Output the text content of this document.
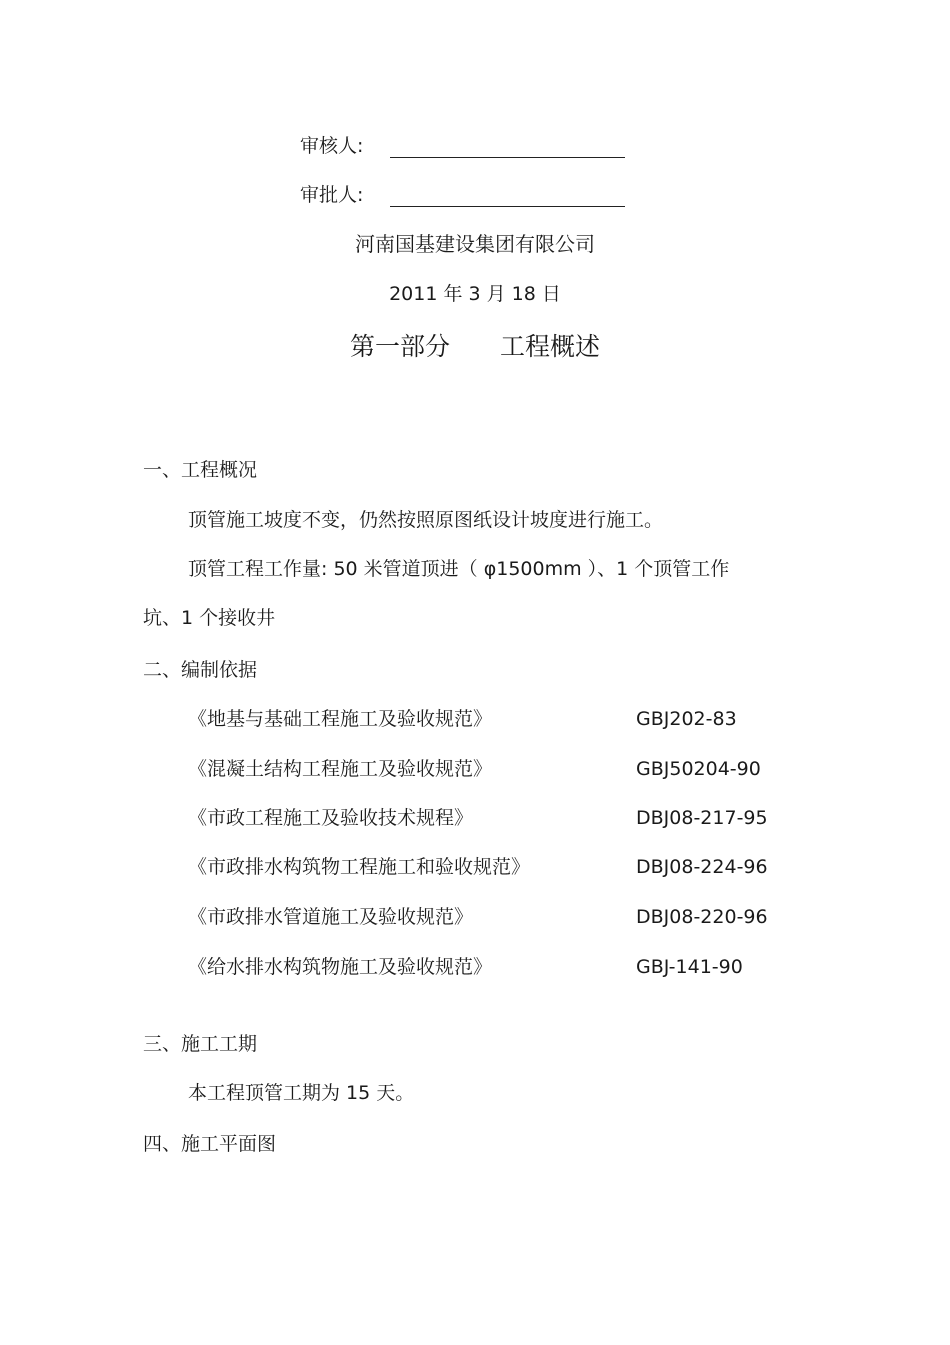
审核人:
审批人:
河南国基建设集团有限公司
2011 年 3 月 18 日
第一部分 工程概述
一、工程概况
顶管施工坡度不变，仍然按照原图纸设计坡度进行施工。
顶管工程工作量: 50 米管道顶进（ φ1500mm ）、1 个顶管工作
坑、1 个接收井
二、编制依据
《地基与基础工程施工及验收规范》	GBJ202-83
《混凝土结构工程施工及验收规范》	GBJ50204-90
《市政工程施工及验收技术规程》	DBJ08-217-95
《市政排水构筑物工程施工和验收规范》	DBJ08-224-96
《市政排水管道施工及验收规范》	DBJ08-220-96
《给水排水构筑物施工及验收规范》	GBJ-141-90
三、施工工期
本工程顶管工期为 15 天。
四、施工平面图
